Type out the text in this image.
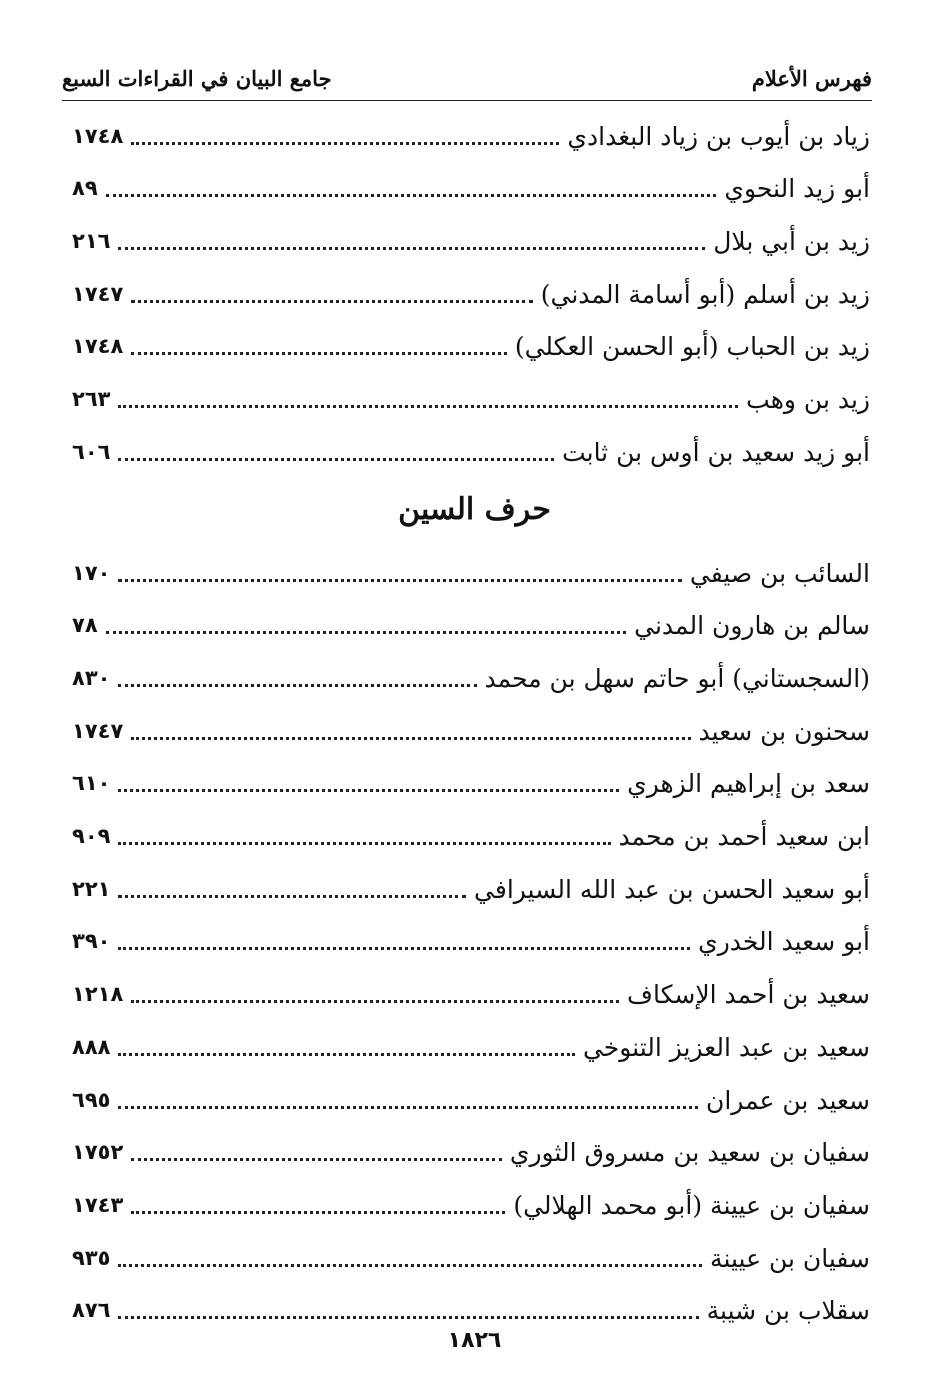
فهرس الأعلام
جامع البيان في القراءات السبع
زياد بن أيوب بن زياد البغدادي
١٧٤٨
أبو زيد النحوي
٨٩
زيد بن أبي بلال
٢١٦
زيد بن أسلم (أبو أسامة المدني)
١٧٤٧
زيد بن الحباب (أبو الحسن العكلي)
١٧٤٨
زيد بن وهب
٢٦٣
أبو زيد سعيد بن أوس بن ثابت
٦٠٦
السائب بن صيفي
١٧٠
سالم بن هارون المدني
٧٨
(السجستاني) أبو حاتم سهل بن محمد
٨٣٠
سحنون بن سعيد
١٧٤٧
سعد بن إبراهيم الزهري
٦١٠
ابن سعيد أحمد بن محمد
٩٠٩
أبو سعيد الحسن بن عبد الله السيرافي
٢٢١
أبو سعيد الخدري
٣٩٠
سعيد بن أحمد الإسكاف
١٢١٨
سعيد بن عبد العزيز التنوخي
٨٨٨
سعيد بن عمران
٦٩٥
سفيان بن سعيد بن مسروق الثوري
١٧٥٢
سفيان بن عيينة (أبو محمد الهلالي)
١٧٤٣
سفيان بن عيينة
٩٣٥
سقلاب بن شيبة
٨٧٦
حرف السين
١٨٢٦
